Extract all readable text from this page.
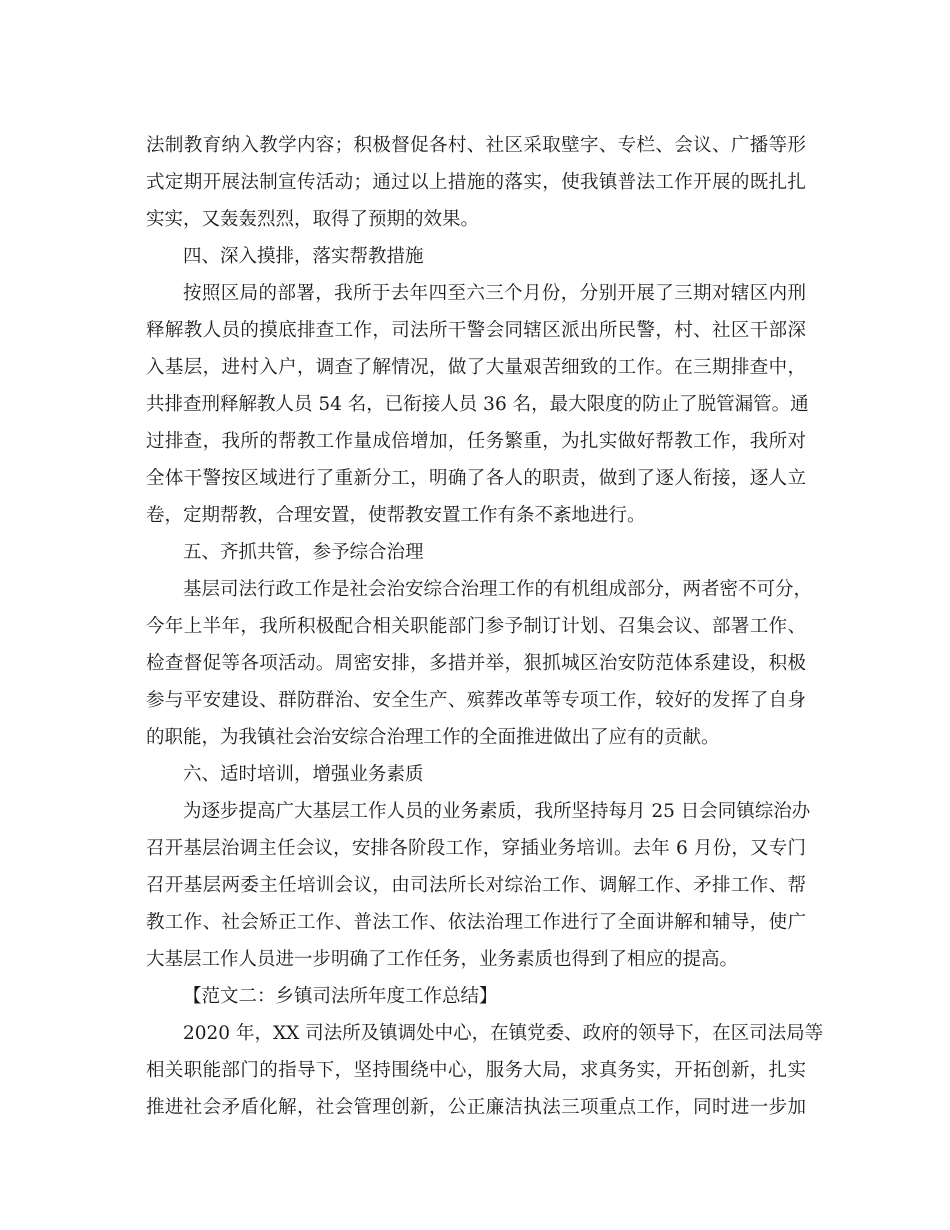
法制教育纳入教学内容；积极督促各村、社区采取壁字、专栏、会议、广播等形
式定期开展法制宣传活动；通过以上措施的落实，使我镇普法工作开展的既扎扎
实实，又轰轰烈烈，取得了预期的效果。
四、深入摸排，落实帮教措施
按照区局的部署，我所于去年四至六三个月份，分别开展了三期对辖区内刑
释解教人员的摸底排查工作，司法所干警会同辖区派出所民警，村、社区干部深
入基层，进村入户，调查了解情况，做了大量艰苦细致的工作。在三期排查中，
共排查刑释解教人员 54 名，已衔接人员 36 名，最大限度的防止了脱管漏管。通
过排查，我所的帮教工作量成倍增加，任务繁重，为扎实做好帮教工作，我所对
全体干警按区域进行了重新分工，明确了各人的职责，做到了逐人衔接，逐人立
卷，定期帮教，合理安置，使帮教安置工作有条不紊地进行。
五、齐抓共管，参予综合治理
基层司法行政工作是社会治安综合治理工作的有机组成部分，两者密不可分，
今年上半年，我所积极配合相关职能部门参予制订计划、召集会议、部署工作、
检查督促等各项活动。周密安排，多措并举，狠抓城区治安防范体系建设，积极
参与平安建设、群防群治、安全生产、殡葬改革等专项工作，较好的发挥了自身
的职能，为我镇社会治安综合治理工作的全面推进做出了应有的贡献。
六、适时培训，增强业务素质
为逐步提高广大基层工作人员的业务素质，我所坚持每月 25 日会同镇综治办
召开基层治调主任会议，安排各阶段工作，穿插业务培训。去年 6 月份，又专门
召开基层两委主任培训会议，由司法所长对综治工作、调解工作、矛排工作、帮
教工作、社会矫正工作、普法工作、依法治理工作进行了全面讲解和辅导，使广
大基层工作人员进一步明确了工作任务，业务素质也得到了相应的提高。
【范文二：乡镇司法所年度工作总结】
2020 年，XX 司法所及镇调处中心，在镇党委、政府的领导下，在区司法局等
相关职能部门的指导下，坚持围绕中心，服务大局，求真务实，开拓创新，扎实
推进社会矛盾化解，社会管理创新，公正廉洁执法三项重点工作，同时进一步加
